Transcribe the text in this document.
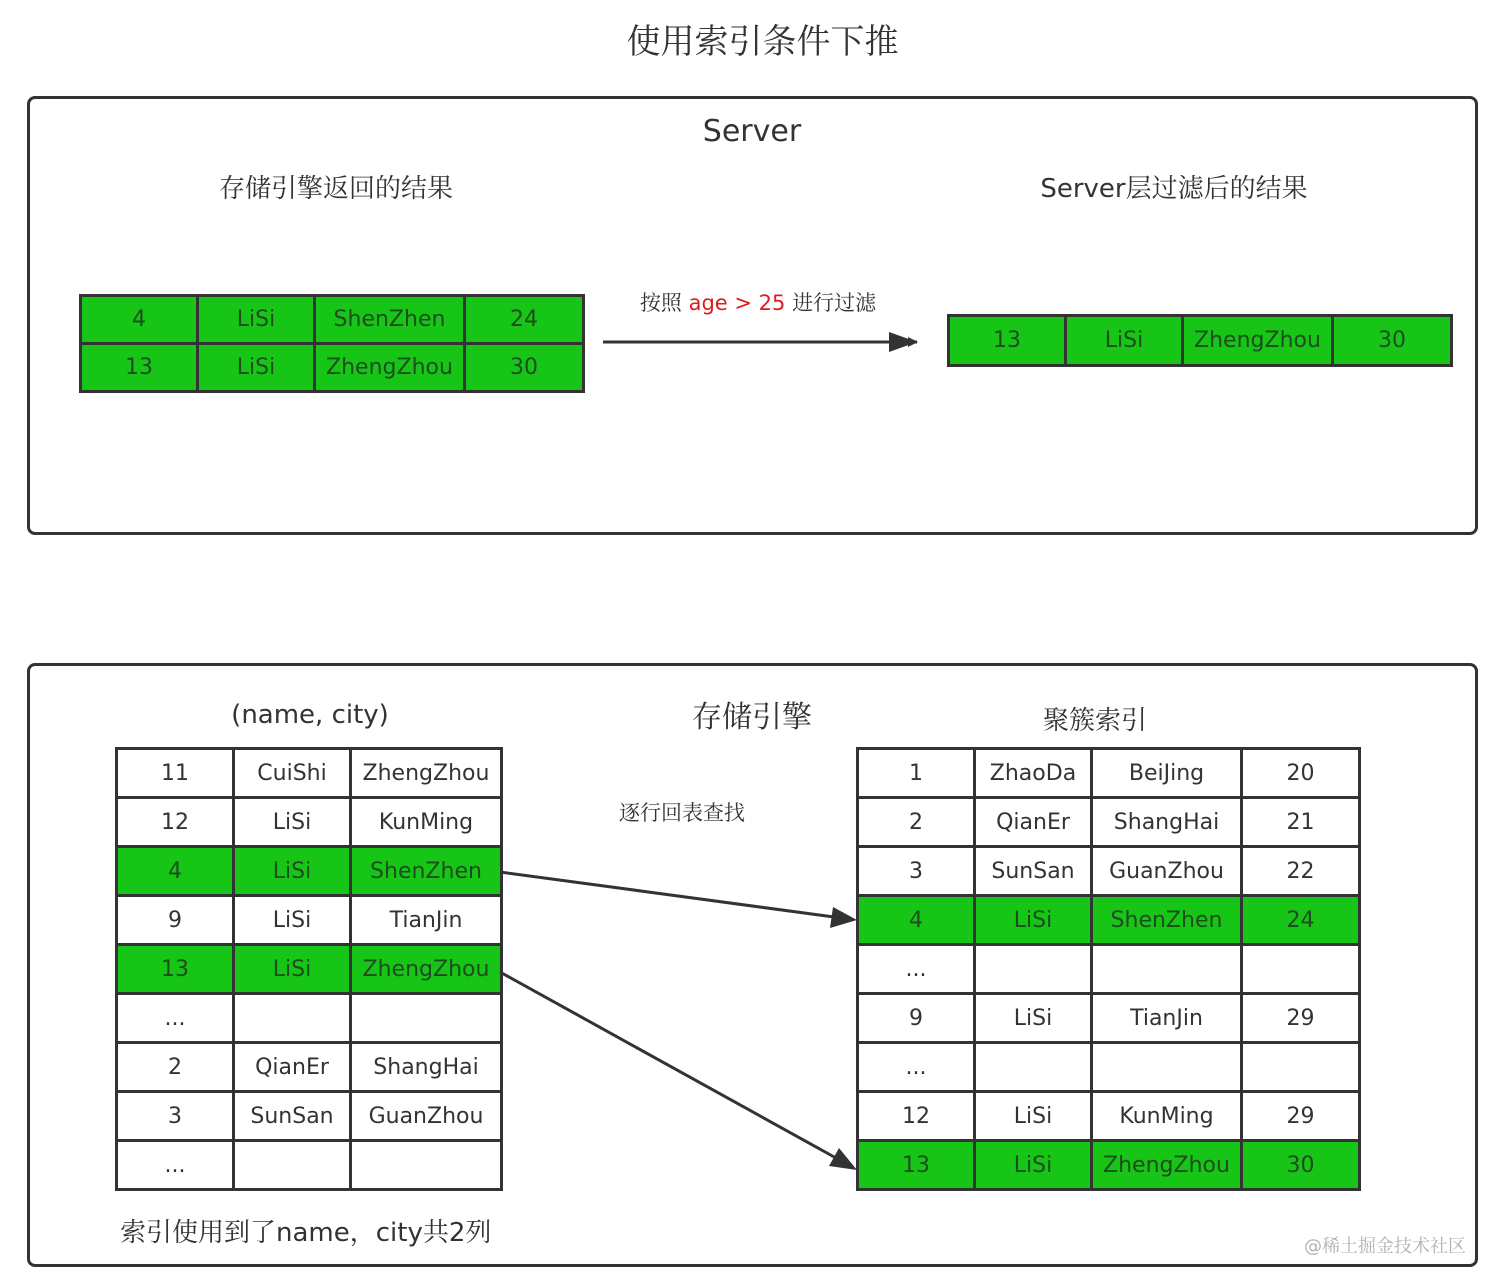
使用索引条件下推
Server
存储引擎返回的结果	Server层过滤后的结果
4	LiSi	ShenZhen	24
13	LiSi	ZhengZhou	30
按照 age > 25 进行过滤
13	LiSi	ZhengZhou	30
存储引擎
(name, city)	聚簇索引
逐行回表查找
11	CuiShi	ZhengZhou
12	LiSi	KunMing
4	LiSi	ShenZhen
9	LiSi	TianJin
13	LiSi	ZhengZhou
...		
2	QianEr	ShangHai
3	SunSan	GuanZhou
...		
1	ZhaoDa	BeiJing	20
2	QianEr	ShangHai	21
3	SunSan	GuanZhou	22
4	LiSi	ShenZhen	24
...			
9	LiSi	TianJin	29
...			
12	LiSi	KunMing	29
13	LiSi	ZhengZhou	30
索引使用到了name，city共2列	@稀土掘金技术社区
